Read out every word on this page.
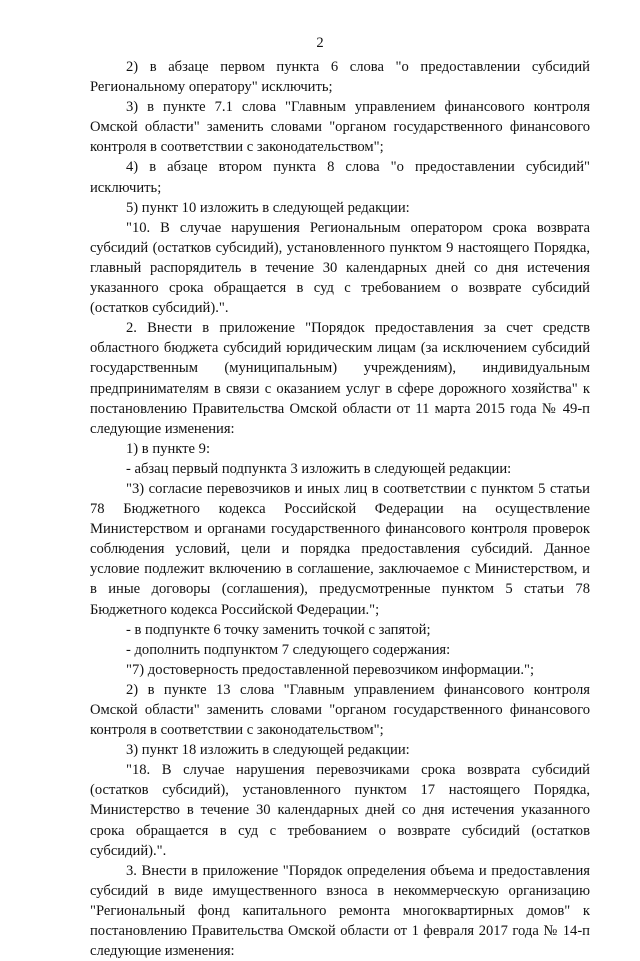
2

2) в абзаце первом пункта 6 слова "о предоставлении субсидий Региональному оператору" исключить;

3) в пункте 7.1 слова "Главным управлением финансового контроля Омской области" заменить словами "органом государственного финансового контроля в соответствии с законодательством";

4) в абзаце втором пункта 8 слова "о предоставлении субсидий" исключить;

5) пункт 10 изложить в следующей редакции:

"10. В случае нарушения Региональным оператором срока возврата субсидий (остатков субсидий), установленного пунктом 9 настоящего Порядка, главный распорядитель в течение 30 календарных дней со дня истечения указанного срока обращается в суд с требованием о возврате субсидий (остатков субсидий).".

2. Внести в приложение "Порядок предоставления за счет средств областного бюджета субсидий юридическим лицам (за исключением субсидий государственным (муниципальным) учреждениям), индивидуальным предпринимателям в связи с оказанием услуг в сфере дорожного хозяйства" к постановлению Правительства Омской области от 11 марта 2015 года № 49-п следующие изменения:

1) в пункте 9:

- абзац первый подпункта 3 изложить в следующей редакции:

"3) согласие перевозчиков и иных лиц в соответствии с пунктом 5 статьи 78 Бюджетного кодекса Российской Федерации на осуществление Министерством и органами государственного финансового контроля проверок соблюдения условий, цели и порядка предоставления субсидий. Данное условие подлежит включению в соглашение, заключаемое с Министерством, и в иные договоры (соглашения), предусмотренные пунктом 5 статьи 78 Бюджетного кодекса Российской Федерации.";

- в подпункте 6 точку заменить точкой с запятой;

- дополнить подпунктом 7 следующего содержания:

"7) достоверность предоставленной перевозчиком информации.";

2) в пункте 13 слова "Главным управлением финансового контроля Омской области" заменить словами "органом государственного финансового контроля в соответствии с законодательством";

3) пункт 18 изложить в следующей редакции:

"18. В случае нарушения перевозчиками срока возврата субсидий (остатков субсидий), установленного пунктом 17 настоящего Порядка, Министерство в течение 30 календарных дней со дня истечения указанного срока обращается в суд с требованием о возврате субсидий (остатков субсидий).".

3. Внести в приложение "Порядок определения объема и предоставления субсидий в виде имущественного взноса в некоммерческую организацию "Региональный фонд капитального ремонта многоквартирных домов" к постановлению Правительства Омской области от 1 февраля 2017 года № 14-п следующие изменения:
